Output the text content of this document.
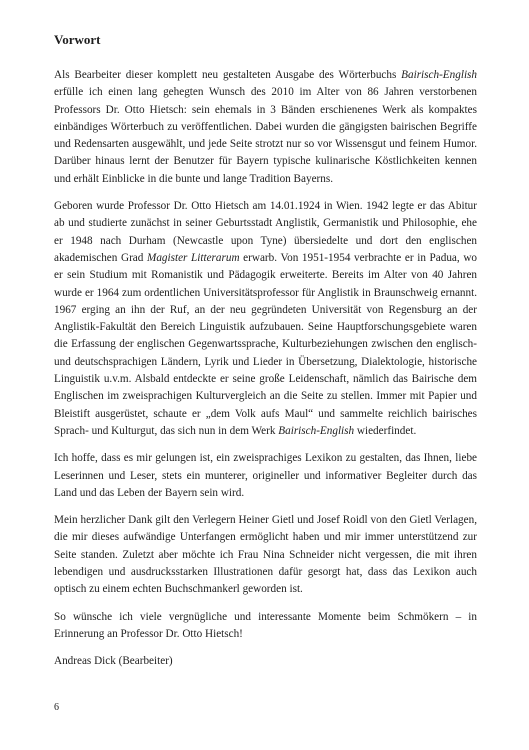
Vorwort

Als Bearbeiter dieser komplett neu gestalteten Ausgabe des Wörterbuchs Bairisch-English erfülle ich einen lang gehegten Wunsch des 2010 im Alter von 86 Jahren verstorbenen Professors Dr. Otto Hietsch: sein ehemals in 3 Bänden erschienenes Werk als kompaktes einbändiges Wörterbuch zu veröffentlichen. Dabei wurden die gängigsten bairischen Begriffe und Redensarten ausgewählt, und jede Seite strotzt nur so vor Wissensgut und feinem Humor. Darüber hinaus lernt der Benutzer für Bayern typische kulinarische Köstlichkeiten kennen und erhält Einblicke in die bunte und lange Tradition Bayerns.

Geboren wurde Professor Dr. Otto Hietsch am 14.01.1924 in Wien. 1942 legte er das Abitur ab und studierte zunächst in seiner Geburtsstadt Anglistik, Germanistik und Philosophie, ehe er 1948 nach Durham (Newcastle upon Tyne) übersiedelte und dort den englischen akademischen Grad Magister Litterarum erwarb. Von 1951-1954 verbrachte er in Padua, wo er sein Studium mit Romanistik und Pädagogik erweiterte. Bereits im Alter von 40 Jahren wurde er 1964 zum ordentlichen Universitätsprofessor für Anglistik in Braunschweig ernannt. 1967 erging an ihn der Ruf, an der neu gegründeten Universität von Regensburg an der Anglistik-Fakultät den Bereich Linguistik aufzubauen. Seine Hauptforschungsgebiete waren die Erfassung der englischen Gegenwartssprache, Kulturbeziehungen zwischen den englisch- und deutschsprachigen Ländern, Lyrik und Lieder in Übersetzung, Dialektologie, historische Linguistik u.v.m. Alsbald entdeckte er seine große Leidenschaft, nämlich das Bairische dem Englischen im zweisprachigen Kulturvergleich an die Seite zu stellen. Immer mit Papier und Bleistift ausgerüstet, schaute er „dem Volk aufs Maul“ und sammelte reichlich bairisches Sprach- und Kulturgut, das sich nun in dem Werk Bairisch-English wiederfindet.

Ich hoffe, dass es mir gelungen ist, ein zweisprachiges Lexikon zu gestalten, das Ihnen, liebe Leserinnen und Leser, stets ein munterer, origineller und informativer Begleiter durch das Land und das Leben der Bayern sein wird.

Mein herzlicher Dank gilt den Verlegern Heiner Gietl und Josef Roidl von den Gietl Verlagen, die mir dieses aufwändige Unterfangen ermöglicht haben und mir immer unterstützend zur Seite standen. Zuletzt aber möchte ich Frau Nina Schneider nicht vergessen, die mit ihren lebendigen und ausdrucksstarken Illustrationen dafür gesorgt hat, dass das Lexikon auch optisch zu einem echten Buchschmankerl geworden ist.

So wünsche ich viele vergnügliche und interessante Momente beim Schmökern – in Erinnerung an Professor Dr. Otto Hietsch!

Andreas Dick (Bearbeiter)
6
